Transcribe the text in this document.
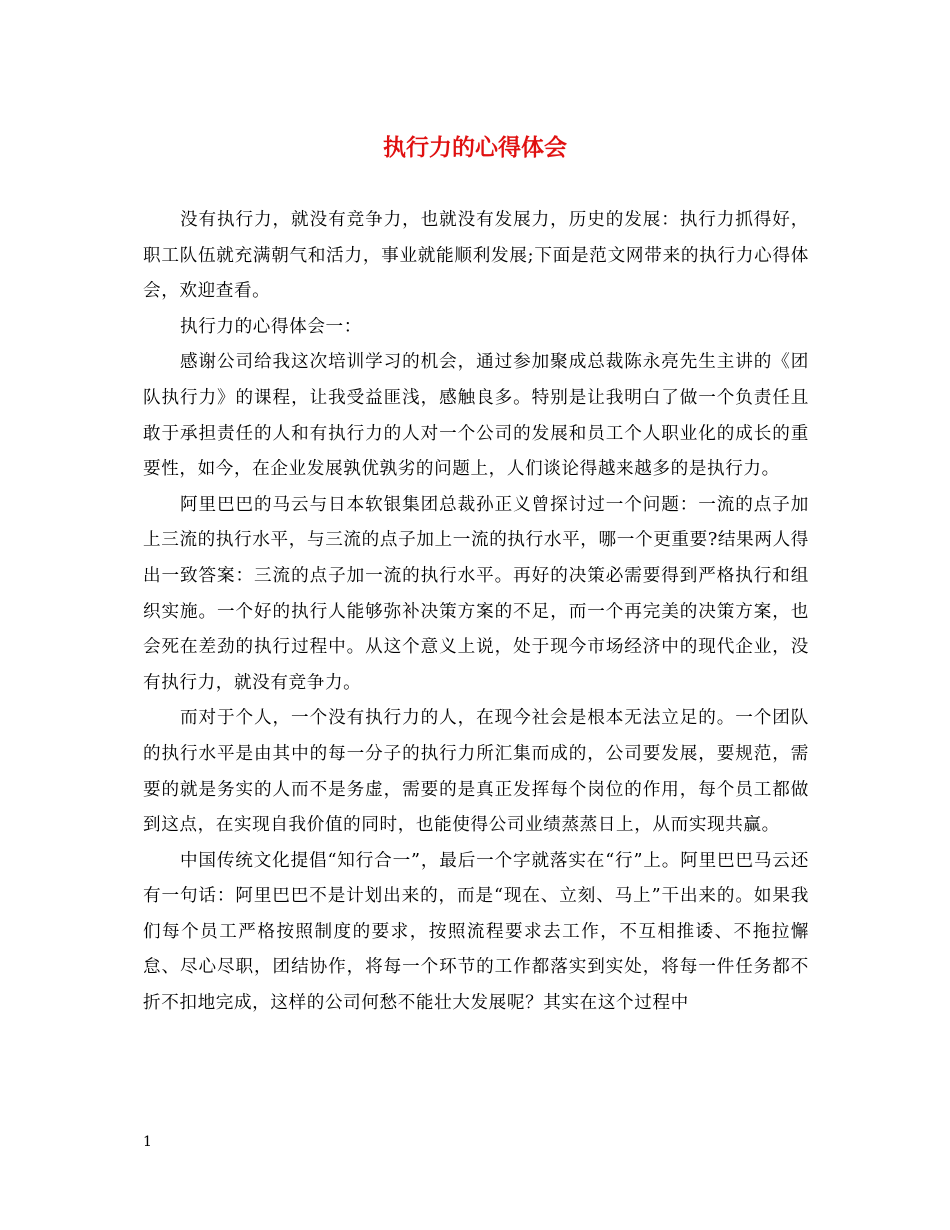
执行力的心得体会

没有执行力，就没有竞争力，也就没有发展力，历史的发展：执行力抓得好，职工队伍就充满朝气和活力，事业就能顺利发展;下面是范文网带来的执行力心得体会，欢迎查看。

执行力的心得体会一：

感谢公司给我这次培训学习的机会，通过参加聚成总裁陈永亮先生主讲的《团队执行力》的课程，让我受益匪浅，感触良多。特别是让我明白了做一个负责任且敢于承担责任的人和有执行力的人对一个公司的发展和员工个人职业化的成长的重要性，如今，在企业发展孰优孰劣的问题上，人们谈论得越来越多的是执行力。

阿里巴巴的马云与日本软银集团总裁孙正义曾探讨过一个问题：一流的点子加上三流的执行水平，与三流的点子加上一流的执行水平，哪一个更重要?结果两人得出一致答案：三流的点子加一流的执行水平。再好的决策必需要得到严格执行和组织实施。一个好的执行人能够弥补决策方案的不足，而一个再完美的决策方案，也会死在差劲的执行过程中。从这个意义上说，处于现今市场经济中的现代企业，没有执行力，就没有竞争力。

而对于个人，一个没有执行力的人，在现今社会是根本无法立足的。一个团队的执行水平是由其中的每一分子的执行力所汇集而成的，公司要发展，要规范，需要的就是务实的人而不是务虚，需要的是真正发挥每个岗位的作用，每个员工都做到这点，在实现自我价值的同时，也能使得公司业绩蒸蒸日上，从而实现共赢。

中国传统文化提倡“知行合一”，最后一个字就落实在“行”上。阿里巴巴马云还有一句话：阿里巴巴不是计划出来的，而是“现在、立刻、马上”干出来的。如果我们每个员工严格按照制度的要求，按照流程要求去工作，不互相推诿、不拖拉懈怠、尽心尽职，团结协作，将每一个环节的工作都落实到实处，将每一件任务都不折不扣地完成，这样的公司何愁不能壮大发展呢？其实在这个过程中

1
